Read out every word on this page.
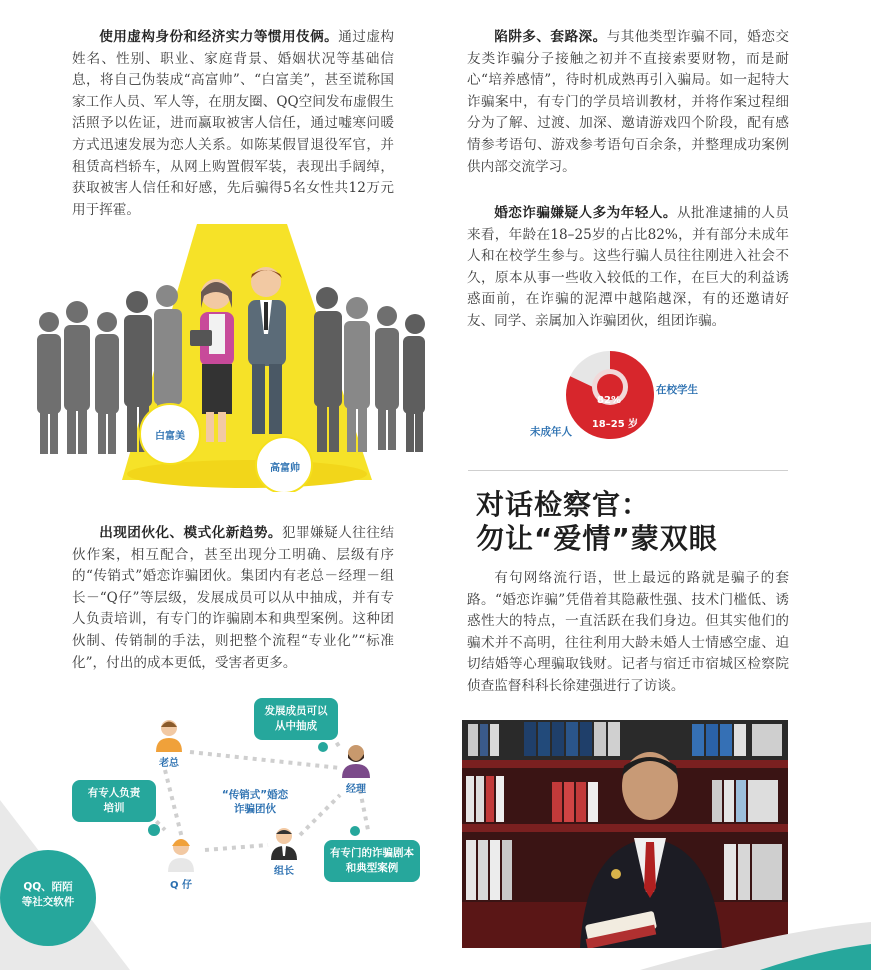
使用虚构身份和经济实力等惯用伎俩。通过虚构姓名、性别、职业、家庭背景、婚姻状况等基础信息，将自己伪装成“高富帅”、“白富美”，甚至谎称国家工作人员、军人等，在朋友圈、QQ空间发布虚假生活照予以佐证，进而赢取被害人信任，通过嘘寒问暖方式迅速发展为恋人关系。如陈某假冒退役军官，并租赁高档轿车，从网上购置假军装，表现出手阔绰，获取被害人信任和好感，先后骗得5名女性共12万元用于挥霍。

白富美
高富帅

出现团伙化、模式化新趋势。犯罪嫌疑人往往结伙作案，相互配合，甚至出现分工明确、层级有序的“传销式”婚恋诈骗团伙。集团内有老总－经理－组长－“Q仔”等层级，发展成员可以从中抽成，并有专人负责培训，有专门的诈骗剧本和典型案例。这种团伙制、传销制的手法，则把整个流程“专业化”“标准化”，付出的成本更低，受害者更多。

老总
经理
组长
Q 仔
“传销式”婚恋
诈骗团伙
发展成员可以
从中抽成
有专人负责
培训
有专门的诈骗剧本
和典型案例
QQ、陌陌
等社交软件

陷阱多、套路深。与其他类型诈骗不同，婚恋交友类诈骗分子接触之初并不直接索要财物，而是耐心“培养感情”，待时机成熟再引入骗局。如一起特大诈骗案中，有专门的学员培训教材，并将作案过程细分为了解、过渡、加深、邀请游戏四个阶段，配有感情参考语句、游戏参考语句百余条，并整理成功案例供内部交流学习。

婚恋诈骗嫌疑人多为年轻人。从批准逮捕的人员来看，年龄在18–25岁的占比82%，并有部分未成年人和在校学生参与。这些行骗人员往往刚进入社会不久，原本从事一些收入较低的工作，在巨大的利益诱惑面前，在诈骗的泥潭中越陷越深，有的还邀请好友、同学、亲属加入诈骗团伙，组团诈骗。

82%
18–25 岁
在校学生
未成年人
对话检察官：
勿让“爱情”蒙双眼

有句网络流行语，世上最远的路就是骗子的套路。“婚恋诈骗”凭借着其隐蔽性强、技术门槛低、诱惑性大的特点，一直活跃在我们身边。但其实他们的骗术并不高明，往往利用大龄未婚人士情感空虚、迫切结婚等心理骗取钱财。记者与宿迁市宿城区检察院侦查监督科科长徐建强进行了访谈。
